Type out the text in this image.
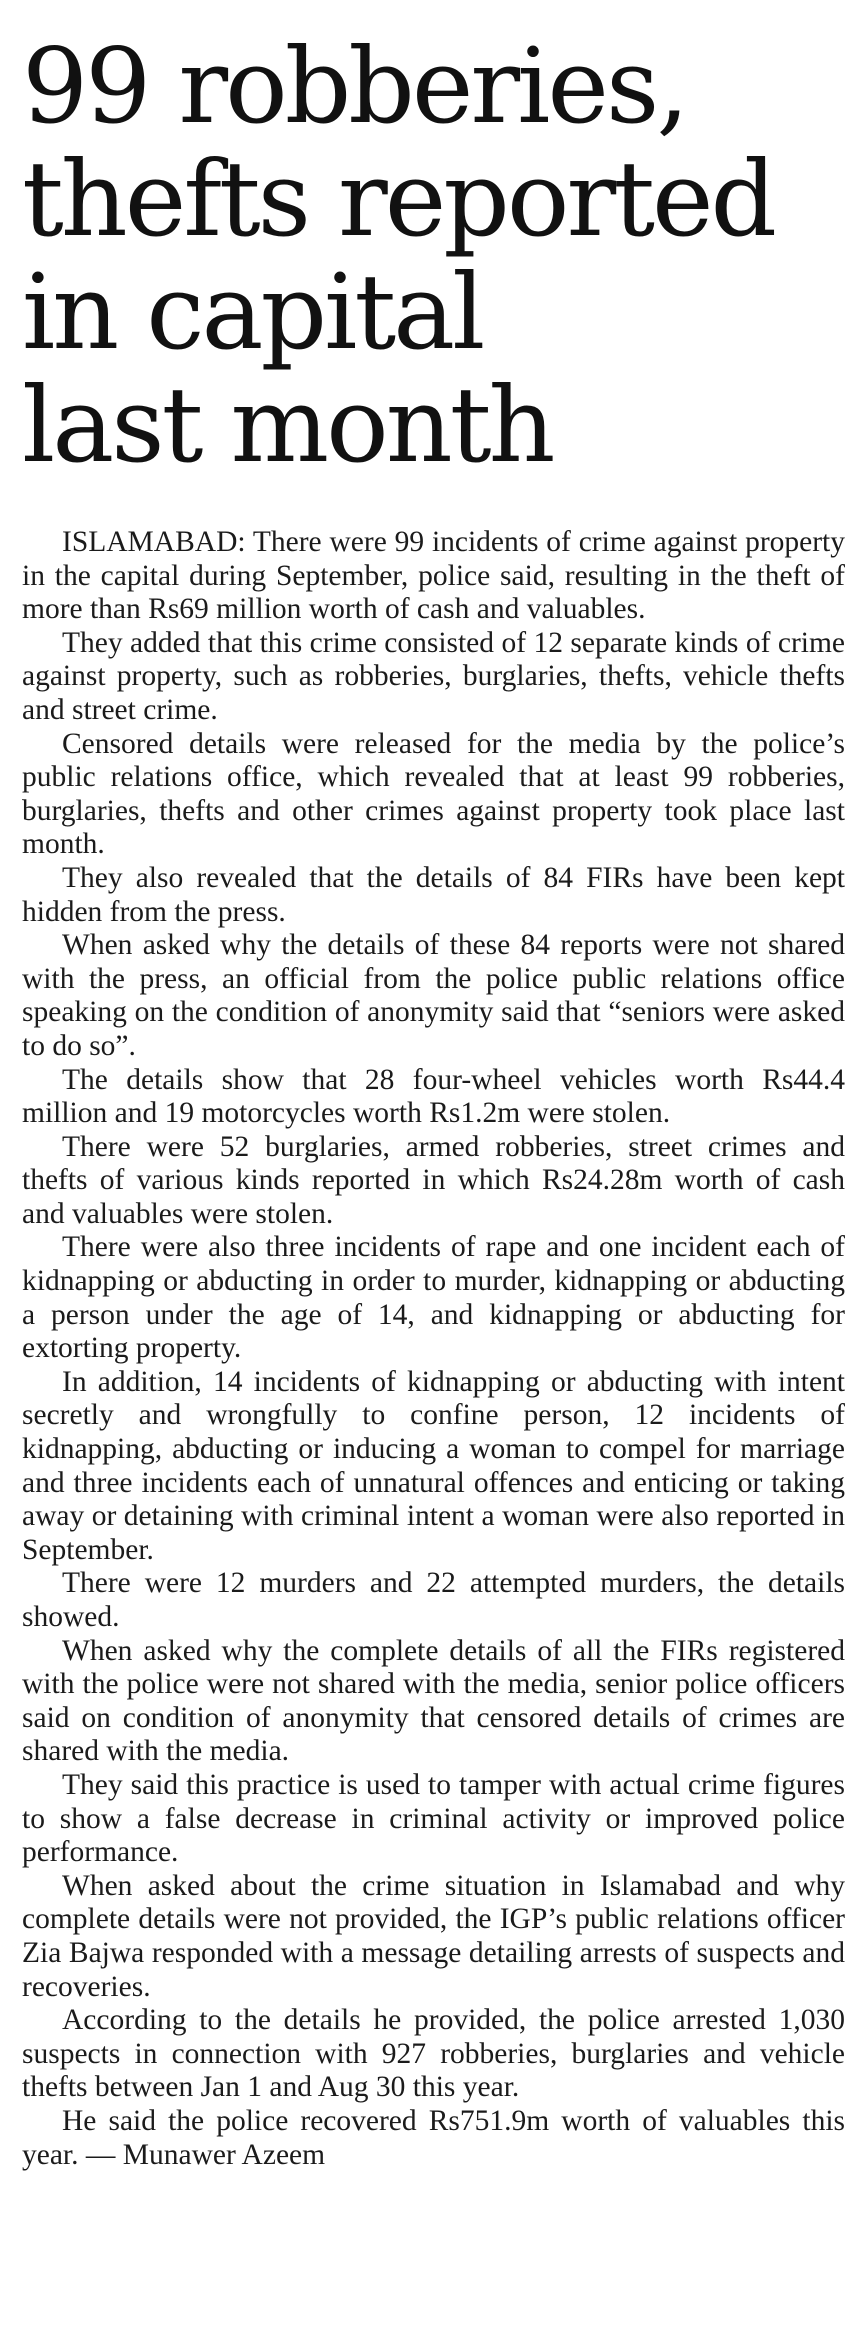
99 robberies,
thefts reported
in capital
last month

ISLAMABAD: There were 99 incidents of crime against property in the capital during September, police said, resulting in the theft of more than Rs69 million worth of cash and valuables.

They added that this crime consisted of 12 separate kinds of crime against property, such as robberies, burglaries, thefts, vehicle thefts and street crime.

Censored details were released for the media by the police’s public relations office, which revealed that at least 99 robberies, burglaries, thefts and other crimes against property took place last month.

They also revealed that the details of 84 FIRs have been kept hidden from the press.

When asked why the details of these 84 reports were not shared with the press, an official from the police public relations office speaking on the condition of anonymity said that “seniors were asked to do so”.

The details show that 28 four-wheel vehicles worth Rs44.4 million and 19 motorcycles worth Rs1.2m were stolen.

There were 52 burglaries, armed robberies, street crimes and thefts of various kinds reported in which Rs24.28m worth of cash and valuables were stolen.

There were also three incidents of rape and one incident each of kidnapping or abducting in order to murder, kidnapping or abducting a person under the age of 14, and kidnapping or abducting for extorting property.

In addition, 14 incidents of kidnapping or abducting with intent secretly and wrongfully to confine person, 12 incidents of kidnapping, abducting or inducing a woman to compel for marriage and three incidents each of unnatural offences and enticing or taking away or detaining with criminal intent a woman were also reported in September.

There were 12 murders and 22 attempted murders, the details showed.

When asked why the complete details of all the FIRs registered with the police were not shared with the media, senior police officers said on condition of anonymity that censored details of crimes are shared with the media.

They said this practice is used to tamper with actual crime figures to show a false decrease in criminal activity or improved police performance.

When asked about the crime situation in Islamabad and why complete details were not provided, the IGP’s public relations officer Zia Bajwa responded with a message detailing arrests of suspects and recoveries.

According to the details he provided, the police arrested 1,030 suspects in connection with 927 robberies, burglaries and vehicle thefts between Jan 1 and Aug 30 this year.

He said the police recovered Rs751.9m worth of valuables this year. — Munawer Azeem
